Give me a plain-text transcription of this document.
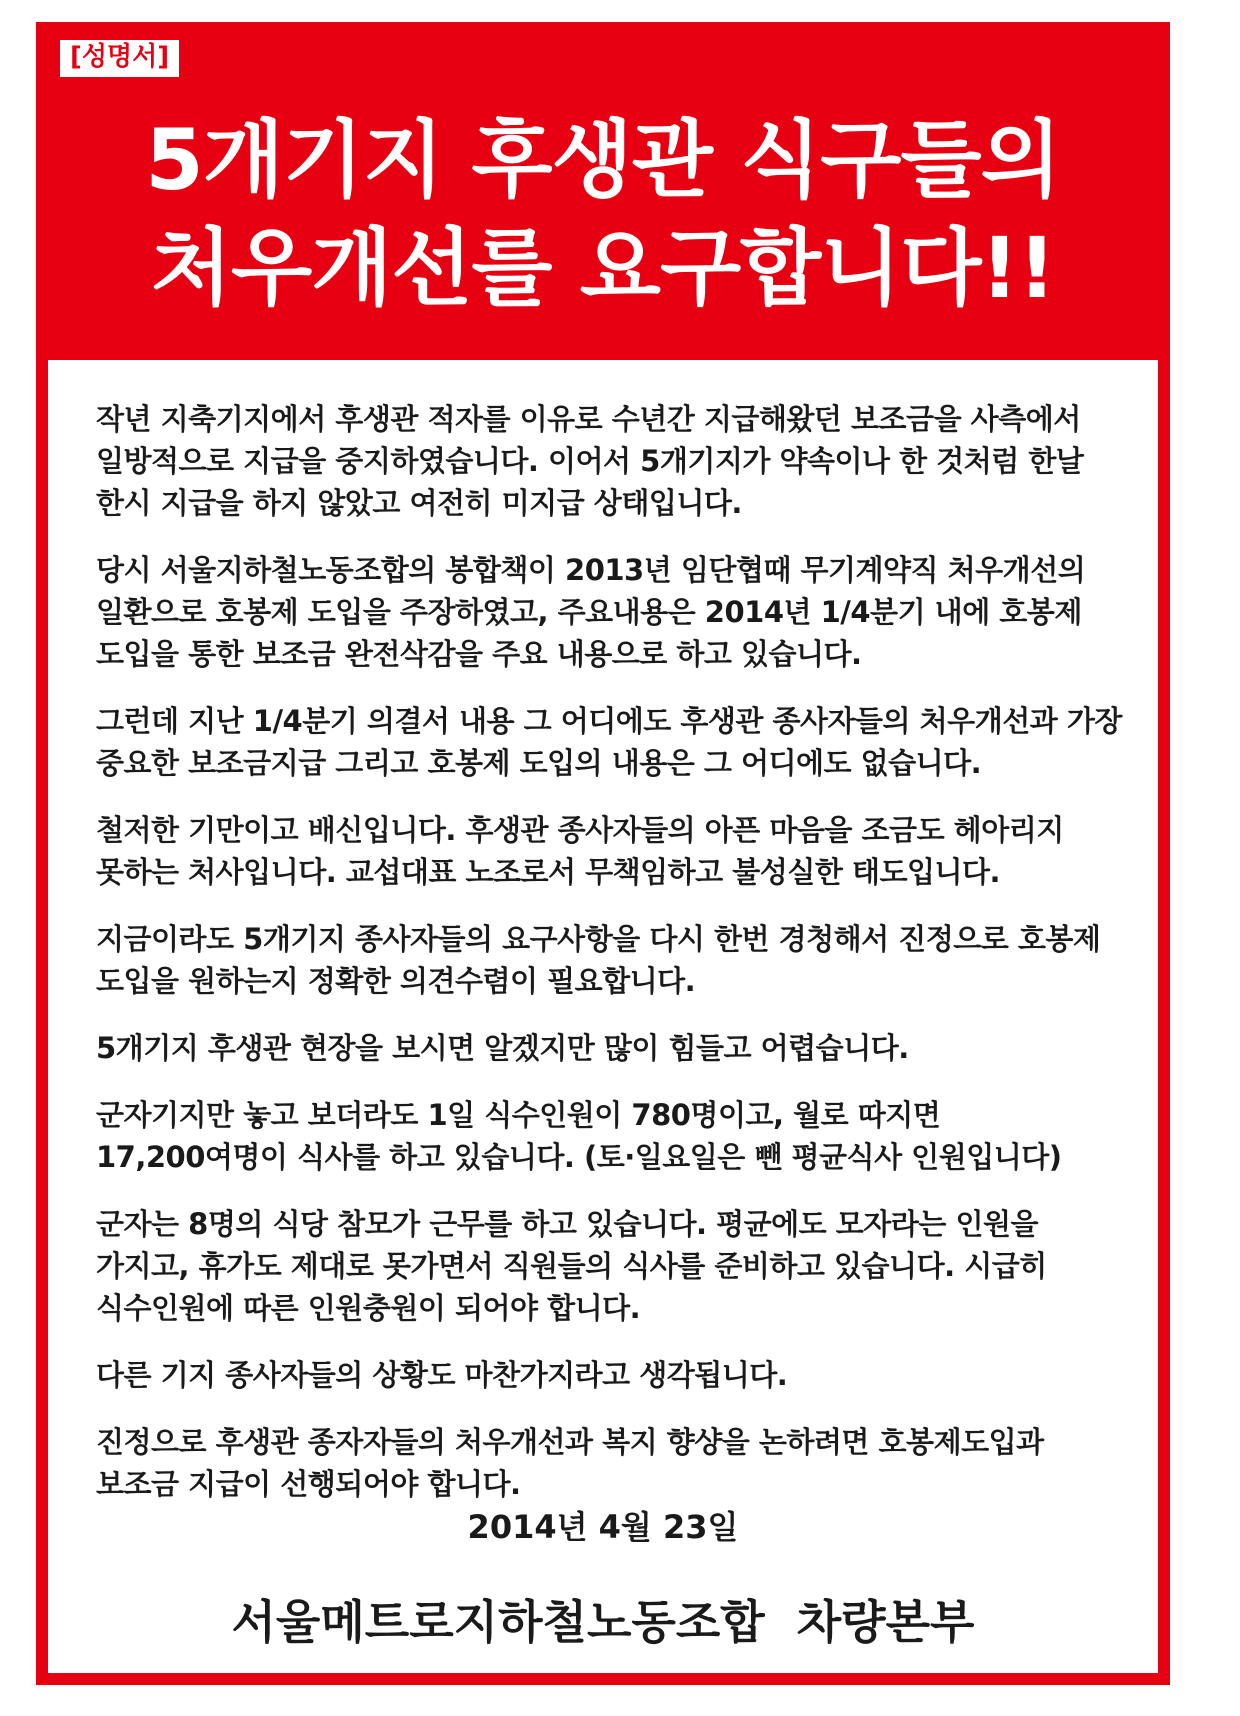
[성명서]
5개기지 후생관 식구들의
처우개선를 요구합니다!!

작년 지축기지에서 후생관 적자를 이유로 수년간 지급해왔던 보조금을 사측에서 일방적으로 지급을 중지하였습니다. 이어서 5개기지가 약속이나 한 것처럼 한날 한시 지급을 하지 않았고 여전히 미지급 상태입니다.

당시 서울지하철노동조합의 봉합책이 2013년 임단협때 무기계약직 처우개선의 일환으로 호봉제 도입을 주장하였고, 주요내용은 2014년 1/4분기 내에 호봉제 도입을 통한 보조금 완전삭감을 주요 내용으로 하고 있습니다.

그런데 지난 1/4분기 의결서 내용 그 어디에도 후생관 종사자들의 처우개선과 가장 중요한 보조금지급 그리고 호봉제 도입의 내용은 그 어디에도 없습니다.

철저한 기만이고 배신입니다. 후생관 종사자들의 아픈 마음을 조금도 헤아리지 못하는 처사입니다. 교섭대표 노조로서 무책임하고 불성실한 태도입니다.

지금이라도 5개기지 종사자들의 요구사항을 다시 한번 경청해서 진정으로 호봉제 도입을 원하는지 정확한 의견수렴이 필요합니다.

5개기지 후생관 현장을 보시면 알겠지만 많이 힘들고 어렵습니다.

군자기지만 놓고 보더라도 1일 식수인원이 780명이고, 월로 따지면 17,200여명이 식사를 하고 있습니다. (토·일요일은 뺀 평균식사 인원입니다)

군자는 8명의 식당 참모가 근무를 하고 있습니다. 평균에도 모자라는 인원을 가지고, 휴가도 제대로 못가면서 직원들의 식사를 준비하고 있습니다. 시급히 식수인원에 따른 인원충원이 되어야 합니다.

다른 기지 종사자들의 상황도 마찬가지라고 생각됩니다.

진정으로 후생관 종자자들의 처우개선과 복지 향샹을 논하려면 호봉제도입과 보조금 지급이 선행되어야 합니다.

2014년 4월 23일
서울메트로지하철노동조합  차량본부
